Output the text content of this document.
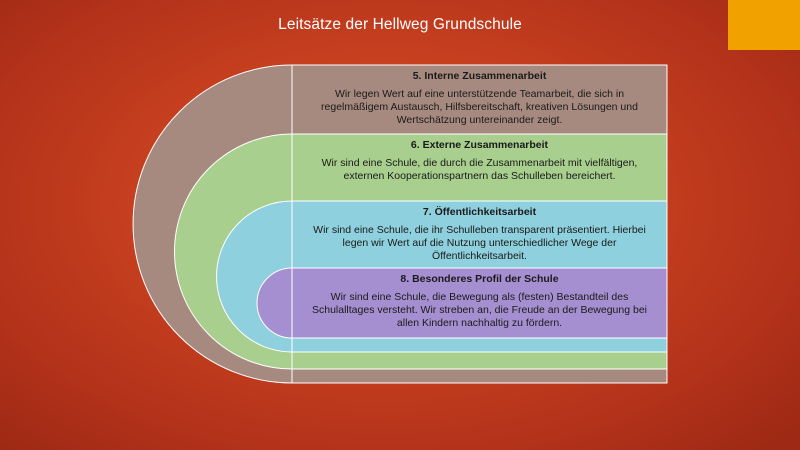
Leitsätze der Hellweg Grundschule
5. Interne Zusammenarbeit
Wir legen Wert auf eine unterstützende Teamarbeit, die sich in regelmäßigem Austausch, Hilfsbereitschaft, kreativen Lösungen und Wertschätzung untereinander zeigt.
6. Externe Zusammenarbeit
Wir sind eine Schule, die durch die Zusammenarbeit mit vielfältigen, externen Kooperationspartnern das Schulleben bereichert.
7. Öffentlichkeitsarbeit
Wir sind eine Schule, die ihr Schulleben transparent präsentiert. Hierbei legen wir Wert auf die Nutzung unterschiedlicher Wege der Öffentlichkeitsarbeit.
8. Besonderes Profil der Schule
Wir sind eine Schule, die Bewegung als (festen) Bestandteil des Schulalltages versteht. Wir streben an, die Freude an der Bewegung bei allen Kindern nachhaltig zu fördern.
